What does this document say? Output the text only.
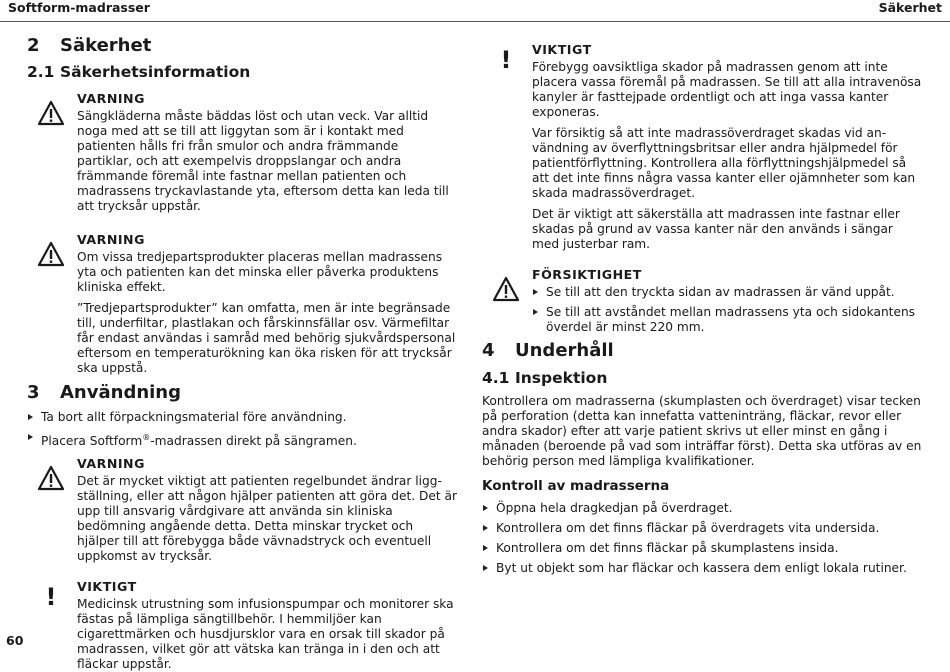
Softform-madrasser	Säkerhet
2 Säkerhet
2.1 Säkerhetsinformation
VARNING

Sängkläderna måste bäddas löst och utan veck. Var alltid noga med att se till att liggytan som är i kontakt med patienten hålls fri från smulor och andra främmande partiklar, och att exempelvis droppslangar och andra främmande föremål inte fastnar mellan patienten och madrassens tryckavlastande yta, eftersom detta kan leda till att trycksår uppstår.

VARNING

Om vissa tredjepartsprodukter placeras mellan madrassens yta och patienten kan det minska eller påverka produktens kliniska effekt.

”Tredjepartsprodukter” kan omfatta, men är inte begränsade till, underfiltar, plastlakan och fårskinnsfällar osv. Värmefiltar får endast användas i samråd med behörig sjukvårdspersonal eftersom en temperaturökning kan öka risken för att trycksår ska uppstå.

3 Användning
Ta bort allt förpackningsmaterial före användning.
Placera Softform®-madrassen direkt på sängramen.
VARNING

Det är mycket viktigt att patienten regelbundet ändrar liggställning, eller att någon hjälper patienten att göra det. Det är upp till ansvarig vårdgivare att använda sin kliniska bedömning angående detta. Detta minskar trycket och hjälper till att förebygga både vävnadstryck och eventuell uppkomst av trycksår.

!	VIKTIGT

Medicinsk utrustning som infusionspumpar och monitorer ska fästas på lämpliga sängtillbehör. I hemmiljöer kan cigarettmärken och husdjursklor vara en orsak till skador på madrassen, vilket gör att vätska kan tränga in i den och att fläckar uppstår.

!	VIKTIGT

Förebygg oavsiktliga skador på madrassen genom att inte placera vassa föremål på madrassen. Se till att alla intravenösa kanyler är fasttejpade ordentligt och att inga vassa kanter exponeras.

Var försiktig så att inte madrassöverdraget skadas vid användning av överflyttningsbritsar eller andra hjälpmedel för patientförflyttning. Kontrollera alla förflyttningshjälpmedel så att det inte finns några vassa kanter eller ojämnheter som kan skada madrassöverdraget.

Det är viktigt att säkerställa att madrassen inte fastnar eller skadas på grund av vassa kanter när den används i sängar med justerbar ram.

FÖRSIKTIGHET
Se till att den tryckta sidan av madrassen är vänd uppåt.
Se till att avståndet mellan madrassens yta och sidokantens överdel är minst 220 mm.
4 Underhåll
4.1 Inspektion

Kontrollera om madrasserna (skumplasten och överdraget) visar tecken på perforation (detta kan innefatta vatteninträng, fläckar, revor eller andra skador) efter att varje patient skrivs ut eller minst en gång i månaden (beroende på vad som inträffar först). Detta ska utföras av en behörig person med lämpliga kvalifikationer.

Kontroll av madrasserna
Öppna hela dragkedjan på överdraget.
Kontrollera om det finns fläckar på överdragets vita undersida.
Kontrollera om det finns fläckar på skumplastens insida.
Byt ut objekt som har fläckar och kassera dem enligt lokala rutiner.
60
